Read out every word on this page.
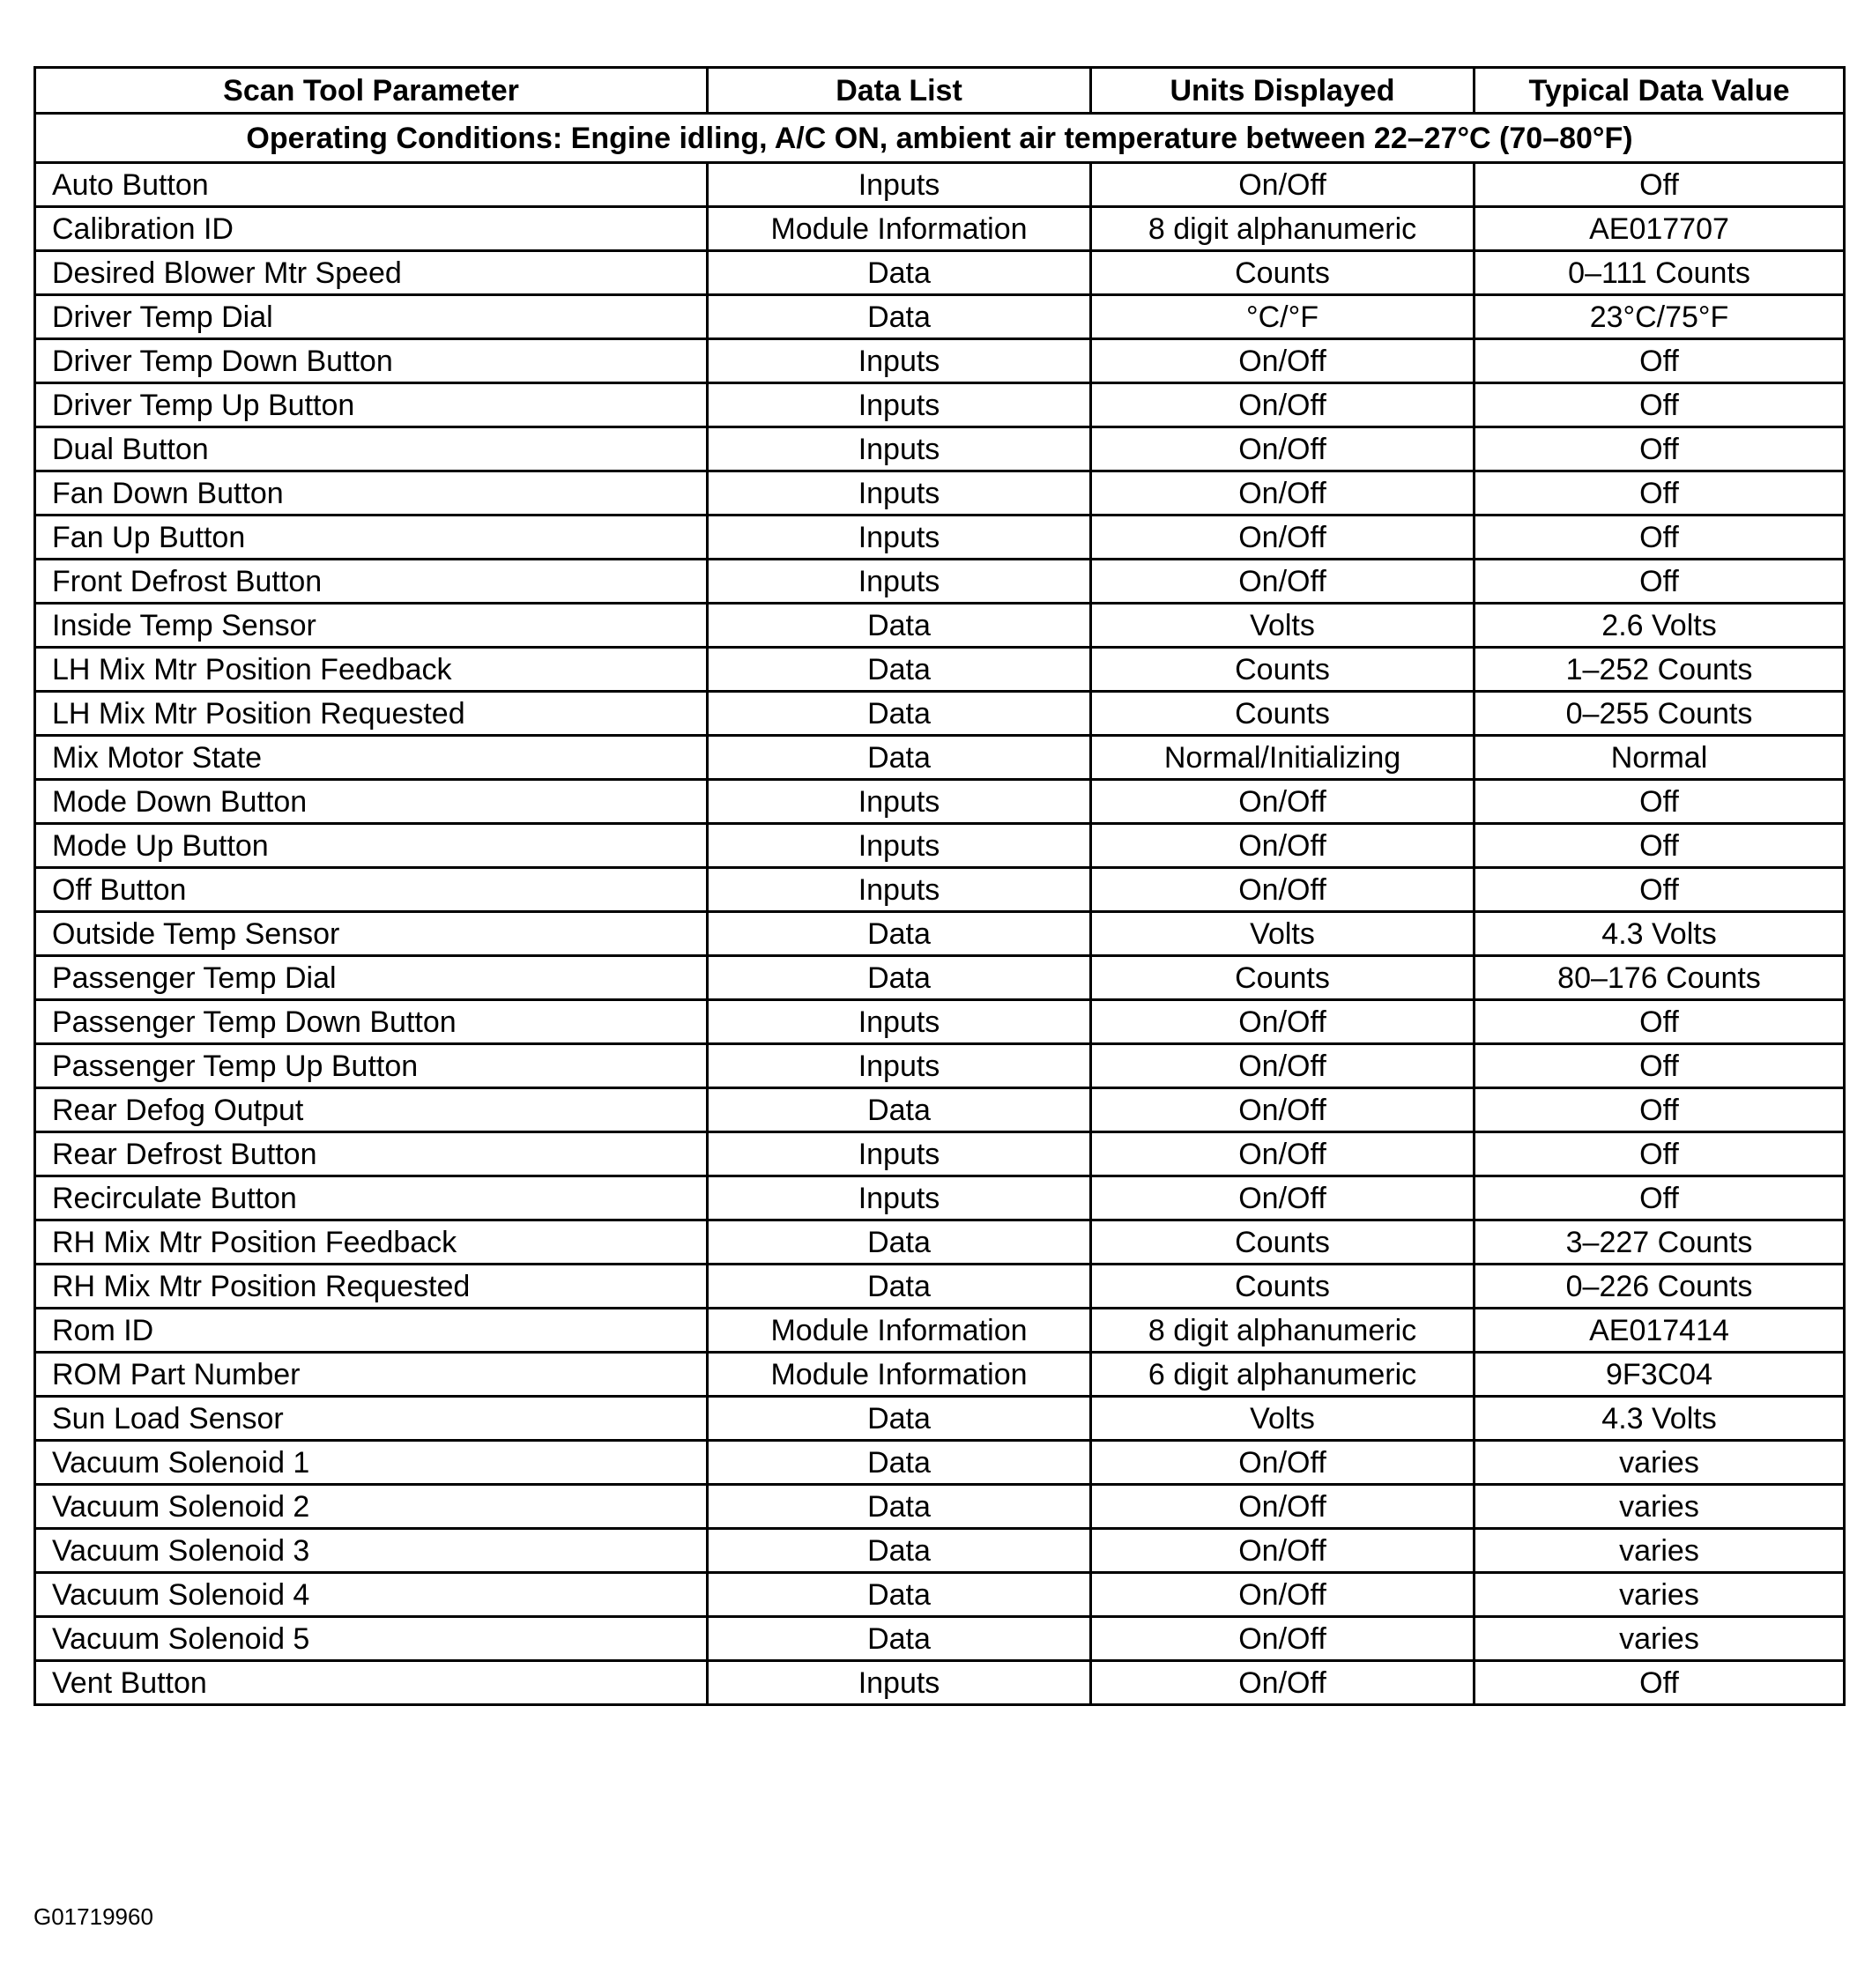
Scan Tool Parameter	Data List	Units Displayed	Typical Data Value
Operating Conditions: Engine idling, A/C ON, ambient air temperature between 22–27°C (70–80°F)			
Auto Button	Inputs	On/Off	Off
Calibration ID	Module Information	8 digit alphanumeric	AE017707
Desired Blower Mtr Speed	Data	Counts	0–111 Counts
Driver Temp Dial	Data	°C/°F	23°C/75°F
Driver Temp Down Button	Inputs	On/Off	Off
Driver Temp Up Button	Inputs	On/Off	Off
Dual Button	Inputs	On/Off	Off
Fan Down Button	Inputs	On/Off	Off
Fan Up Button	Inputs	On/Off	Off
Front Defrost Button	Inputs	On/Off	Off
Inside Temp Sensor	Data	Volts	2.6 Volts
LH Mix Mtr Position Feedback	Data	Counts	1–252 Counts
LH Mix Mtr Position Requested	Data	Counts	0–255 Counts
Mix Motor State	Data	Normal/Initializing	Normal
Mode Down Button	Inputs	On/Off	Off
Mode Up Button	Inputs	On/Off	Off
Off Button	Inputs	On/Off	Off
Outside Temp Sensor	Data	Volts	4.3 Volts
Passenger Temp Dial	Data	Counts	80–176 Counts
Passenger Temp Down Button	Inputs	On/Off	Off
Passenger Temp Up Button	Inputs	On/Off	Off
Rear Defog Output	Data	On/Off	Off
Rear Defrost Button	Inputs	On/Off	Off
Recirculate Button	Inputs	On/Off	Off
RH Mix Mtr Position Feedback	Data	Counts	3–227 Counts
RH Mix Mtr Position Requested	Data	Counts	0–226 Counts
Rom ID	Module Information	8 digit alphanumeric	AE017414
ROM Part Number	Module Information	6 digit alphanumeric	9F3C04
Sun Load Sensor	Data	Volts	4.3 Volts
Vacuum Solenoid 1	Data	On/Off	varies
Vacuum Solenoid 2	Data	On/Off	varies
Vacuum Solenoid 3	Data	On/Off	varies
Vacuum Solenoid 4	Data	On/Off	varies
Vacuum Solenoid 5	Data	On/Off	varies
Vent Button	Inputs	On/Off	Off
G01719960
